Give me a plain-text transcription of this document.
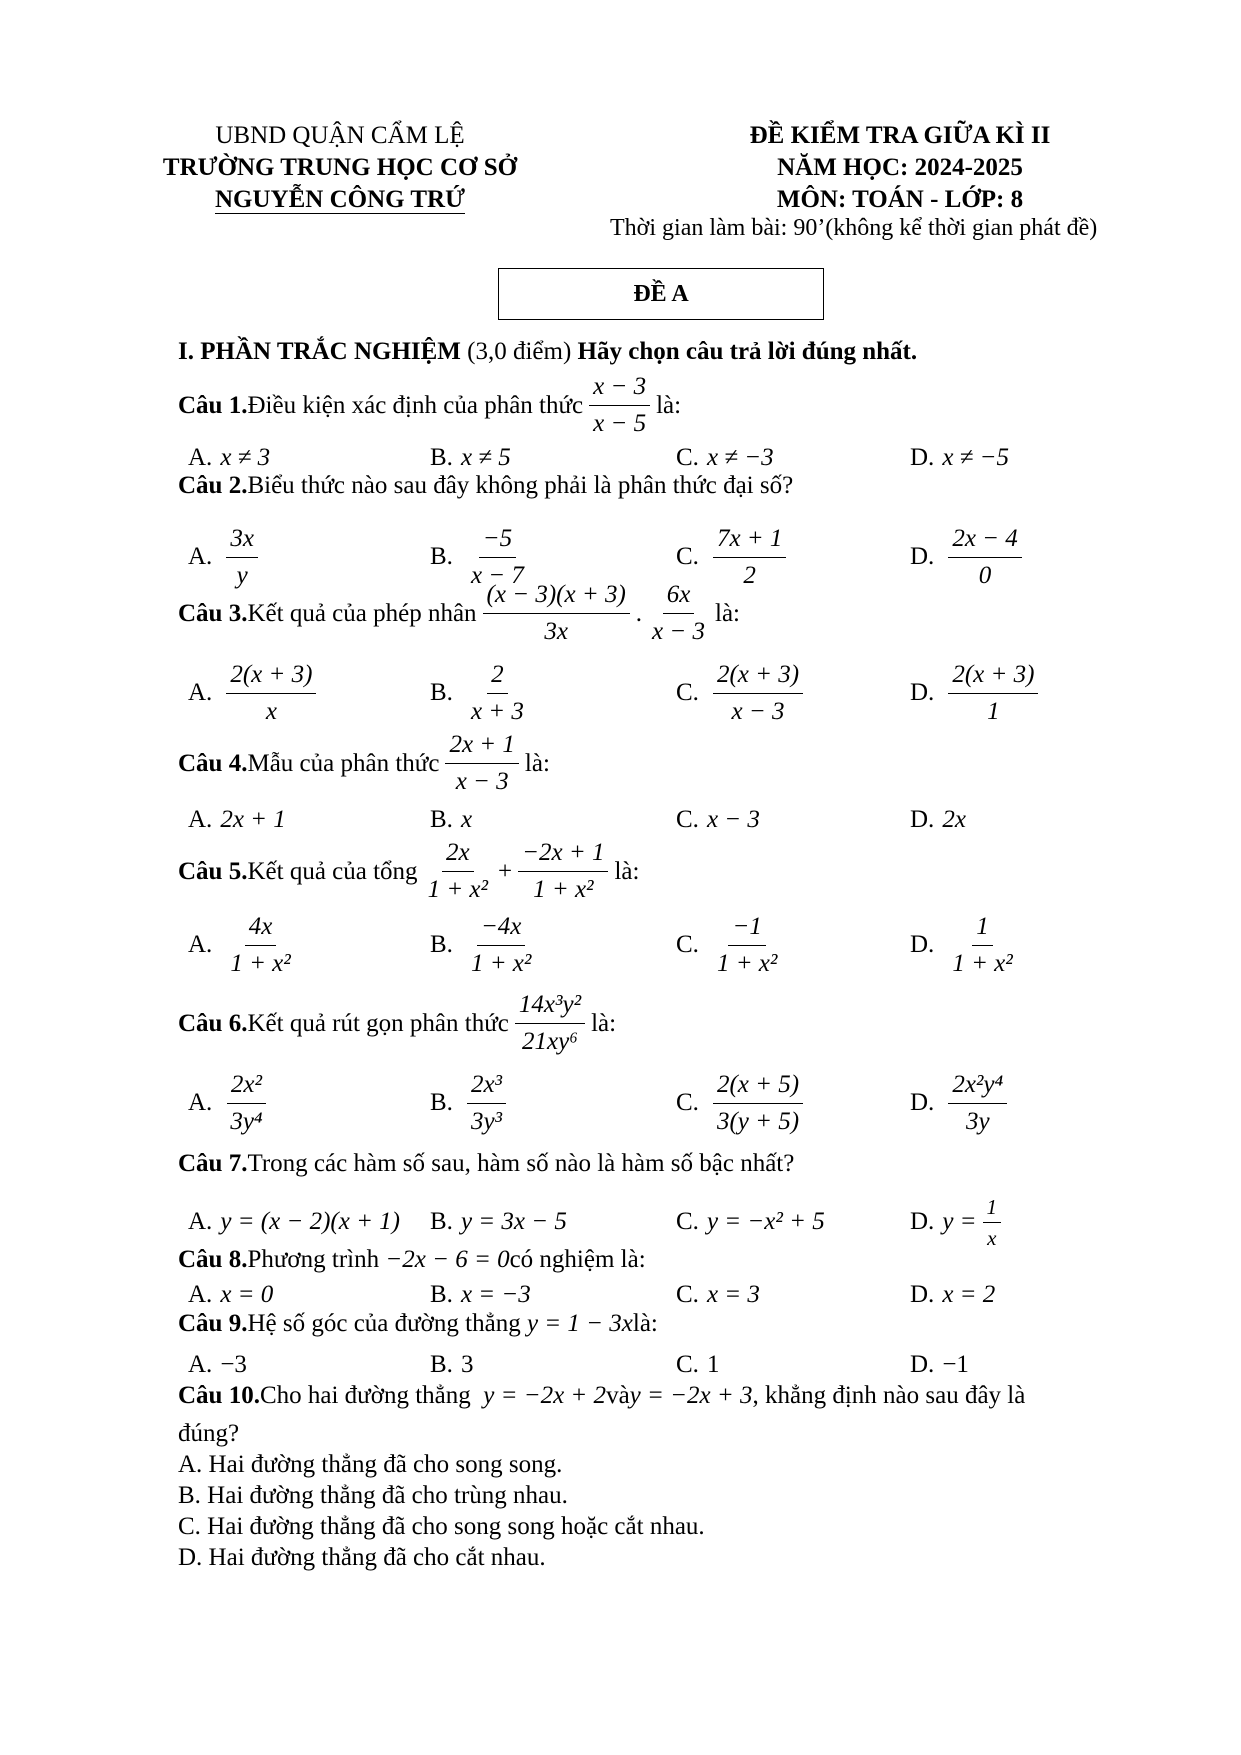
UBND QUẬN CẨM LỆ
TRƯỜNG TRUNG HỌC CƠ SỞ
NGUYỄN CÔNG TRỨ
ĐỀ KIỂM TRA GIỮA KÌ II
NĂM HỌC: 2024-2025
MÔN: TOÁN - LỚP: 8
Thời gian làm bài: 90’(không kể thời gian phát đề)
ĐỀ A
I. PHẦN TRẮC NGHIỆM (3,0 điểm) Hãy chọn câu trả lời đúng nhất.
Câu 1. Điều kiện xác định của phân thức $\frac{x - 3}{x - 5}$ là:
A. x ≠ 3	B. x ≠ 5	C. x ≠ −3	D. x ≠ −5
Câu 2. Biểu thức nào sau đây không phải là phân thức đại số?
A. $\frac{3x}{y}$	B. $\frac{-5}{x - 7}$	C. $\frac{7x + 1}{2}$	D. $\frac{2x - 4}{0}$
Câu 3. Kết quả của phép nhân $\frac{(x - 3)(x + 3)}{3x}$ . $\frac{6x}{x - 3}$ là:
A. $\frac{2(x + 3)}{x}$	B. $\frac{2}{x + 3}$	C. $\frac{2(x + 3)}{x - 3}$	D. $\frac{2(x + 3)}{1}$
Câu 4. Mẫu của phân thức $\frac{2x + 1}{x - 3}$ là:
A. 2x + 1	B. x	C. x − 3	D. 2x
Câu 5. Kết quả của tổng $\frac{2x}{\text{1 + x²}} + \frac{-2x + 1}{\text{1 + x²}}$ là:
A. $\frac{4x}{\text{1 + x²}}$	B. $\frac{-4x}{\text{1 + x²}}$	C. $\frac{-1}{\text{1 + x²}}$	D. $\frac{1}{\text{1 + x²}}$
Câu 6. Kết quả rút gọn phân thức $\frac{\text{14x³y²}}{\text{21xy⁶}}$ là:
A. $\frac{\text{2x²}}{\text{3y⁴}}$	B. $\frac{\text{2x³}}{\text{3y³}}$	C. $\frac{2(x + 5)}{3(y + 5)}$	D. $\frac{\text{2x²y⁴}}{3y}$
Câu 7. Trong các hàm số sau, hàm số nào là hàm số bậc nhất?
A. y = (x − 2)(x + 1) B. y = 3x − 5	C. y = −x² + 5	D. $y = \frac{1}{x}$
Câu 8. Phương trình
−2x − 6 = 0 có nghiệm là:
A. x = 0	B. x = −3	C. x = 3	D. x = 2
Câu 9. Hệ số góc của đường thẳng
y = 1 − 3x là:
A. −3	B. 3	C. 1	D. −1
Câu 10. Cho hai đường thẳng
y = −2x + 2 và y = −2x + 3 , khẳng định nào sau đây là
đúng?
A. Hai đường thẳng đã cho song song.
B. Hai đường thẳng đã cho trùng nhau.
C. Hai đường thẳng đã cho song song hoặc cắt nhau.
D. Hai đường thẳng đã cho cắt nhau.
